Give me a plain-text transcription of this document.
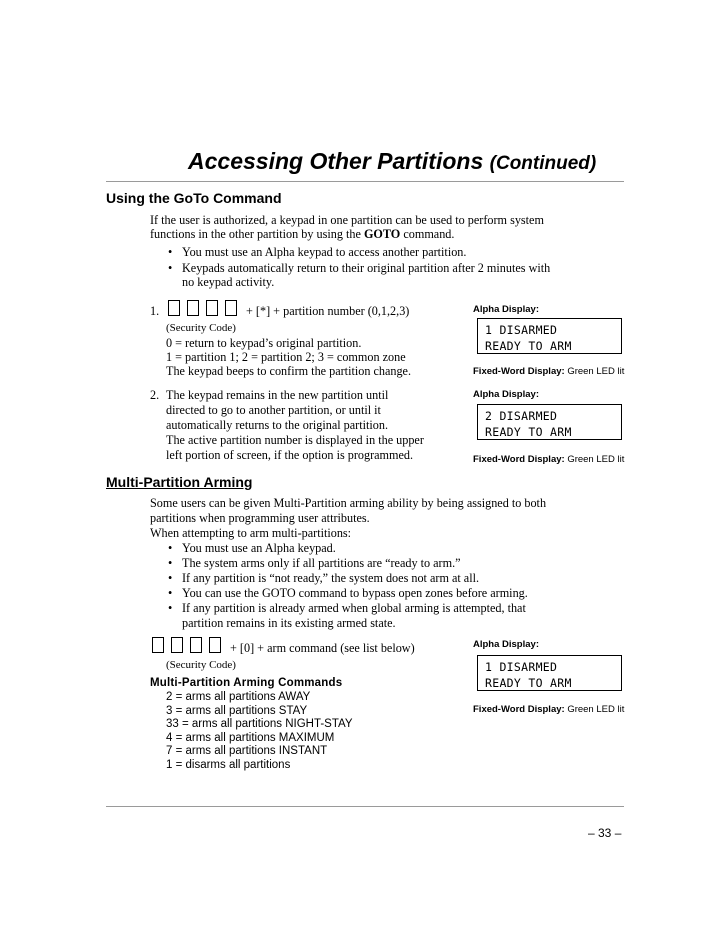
Accessing Other Partitions (Continued)
Using the GoTo Command
If the user is authorized, a keypad in one partition can be used to perform system
functions in the other partition by using the GOTO command.
• You must use an Alpha keypad to access another partition.
• Keypads automatically return to their original partition after 2 minutes with
no keypad activity.
1.	+ [*] + partition number (0,1,2,3)
(Security Code)
0 = return to keypad’s original partition.
1 = partition 1; 2 = partition 2; 3 = common zone
The keypad beeps to confirm the partition change.
Alpha Display:
1 DISARMED
READY TO ARM
Fixed-Word Display: Green LED lit
2. The keypad remains in the new partition until
directed to go to another partition, or until it
automatically returns to the original partition.
The active partition number is displayed in the upper
left portion of screen, if the option is programmed.
Alpha Display:
2 DISARMED
READY TO ARM
Fixed-Word Display: Green LED lit
Multi-Partition Arming
Some users can be given Multi-Partition arming ability by being assigned to both
partitions when programming user attributes.
When attempting to arm multi-partitions:
• You must use an Alpha keypad.
• The system arms only if all partitions are “ready to arm.”
• If any partition is “not ready,” the system does not arm at all.
• You can use the GOTO command to bypass open zones before arming.
• If any partition is already armed when global arming is attempted, that
partition remains in its existing armed state.
+ [0] + arm command (see list below)
(Security Code)
Multi-Partition Arming Commands
2 = arms all partitions AWAY
3 = arms all partitions STAY
33 = arms all partitions NIGHT-STAY
4 = arms all partitions MAXIMUM
7 = arms all partitions INSTANT
1 = disarms all partitions
Alpha Display:
1 DISARMED
READY TO ARM
Fixed-Word Display: Green LED lit
– 33 –
